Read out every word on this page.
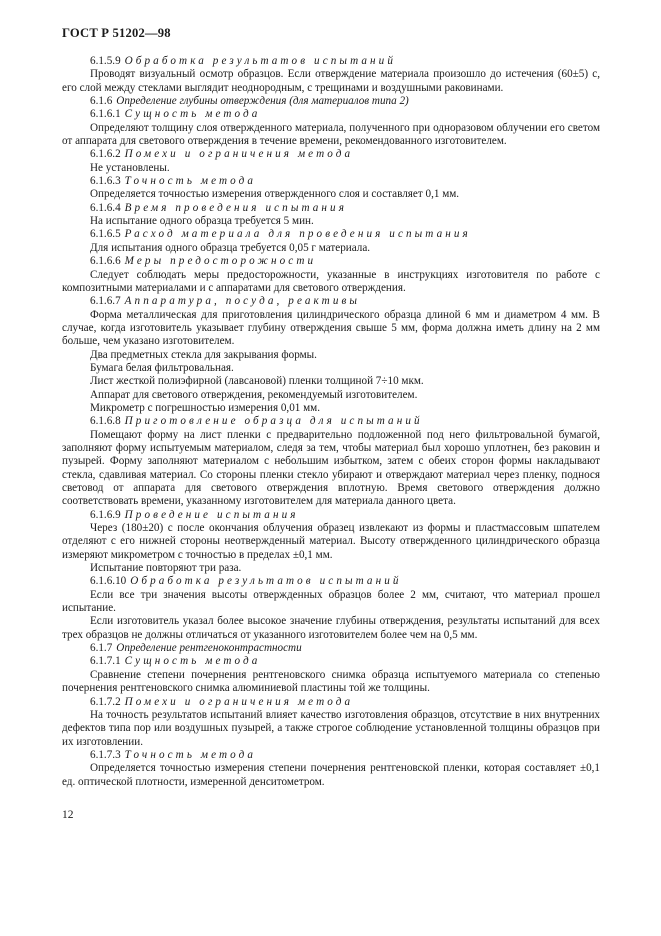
ГОСТ Р 51202—98

6.1.5.9 Обработка результатов испытаний

Проводят визуальный осмотр образцов. Если отверждение материала произошло до истечения (60±5) с, его слой между стеклами выглядит неоднородным, с трещинами и воздушными раковинами.

6.1.6 Определение глубины отверждения (для материалов типа 2)

6.1.6.1 Сущность метода

Определяют толщину слоя отвержденного материала, полученного при одноразовом облучении его светом от аппарата для светового отверждения в течение времени, рекомендованного изготовителем.

6.1.6.2 Помехи и ограничения метода

Не установлены.

6.1.6.3 Точность метода

Определяется точностью измерения отвержденного слоя и составляет 0,1 мм.

6.1.6.4 Время проведения испытания

На испытание одного образца требуется 5 мин.

6.1.6.5 Расход материала для проведения испытания

Для испытания одного образца требуется 0,05 г материала.

6.1.6.6 Меры предосторожности

Следует соблюдать меры предосторожности, указанные в инструкциях изготовителя по работе с композитными материалами и с аппаратами для светового отверждения.

6.1.6.7 Аппаратура, посуда, реактивы

Форма металлическая для приготовления цилиндрического образца длиной 6 мм и диаметром 4 мм. В случае, когда изготовитель указывает глубину отверждения свыше 5 мм, форма должна иметь длину на 2 мм больше, чем указано изготовителем.

Два предметных стекла для закрывания формы.

Бумага белая фильтровальная.

Лист жесткой полиэфирной (лавсановой) пленки толщиной 7÷10 мкм.

Аппарат для светового отверждения, рекомендуемый изготовителем.

Микрометр с погрешностью измерения 0,01 мм.

6.1.6.8 Приготовление образца для испытаний

Помещают форму на лист пленки с предварительно подложенной под него фильтровальной бумагой, заполняют форму испытуемым материалом, следя за тем, чтобы материал был хорошо уплотнен, без раковин и пузырей. Форму заполняют материалом с небольшим избытком, затем с обеих сторон формы накладывают стекла, сдавливая материал. Со стороны пленки стекло убирают и отверждают материал через пленку, поднося световод от аппарата для светового отверждения вплотную. Время светового отверждения должно соответствовать времени, указанному изготовителем для материала данного цвета.

6.1.6.9 Проведение испытания

Через (180±20) с после окончания облучения образец извлекают из формы и пластмассовым шпателем отделяют с его нижней стороны неотвержденный материал. Высоту отвержденного цилиндрического образца измеряют микрометром с точностью в пределах ±0,1 мм.

Испытание повторяют три раза.

6.1.6.10 Обработка результатов испытаний

Если все три значения высоты отвержденных образцов более 2 мм, считают, что материал прошел испытание.

Если изготовитель указал более высокое значение глубины отверждения, результаты испытаний для всех трех образцов не должны отличаться от указанного изготовителем более чем на 0,5 мм.

6.1.7 Определение рентгеноконтрастности

6.1.7.1 Сущность метода

Сравнение степени почернения рентгеновского снимка образца испытуемого материала со степенью почернения рентгеновского снимка алюминиевой пластины той же толщины.

6.1.7.2 Помехи и ограничения метода

На точность результатов испытаний влияет качество изготовления образцов, отсутствие в них внутренних дефектов типа пор или воздушных пузырей, а также строгое соблюдение установленной толщины образцов при их изготовлении.

6.1.7.3 Точность метода

Определяется точностью измерения степени почернения рентгеновской пленки, которая составляет ±0,1 ед. оптической плотности, измеренной денситометром.

12
